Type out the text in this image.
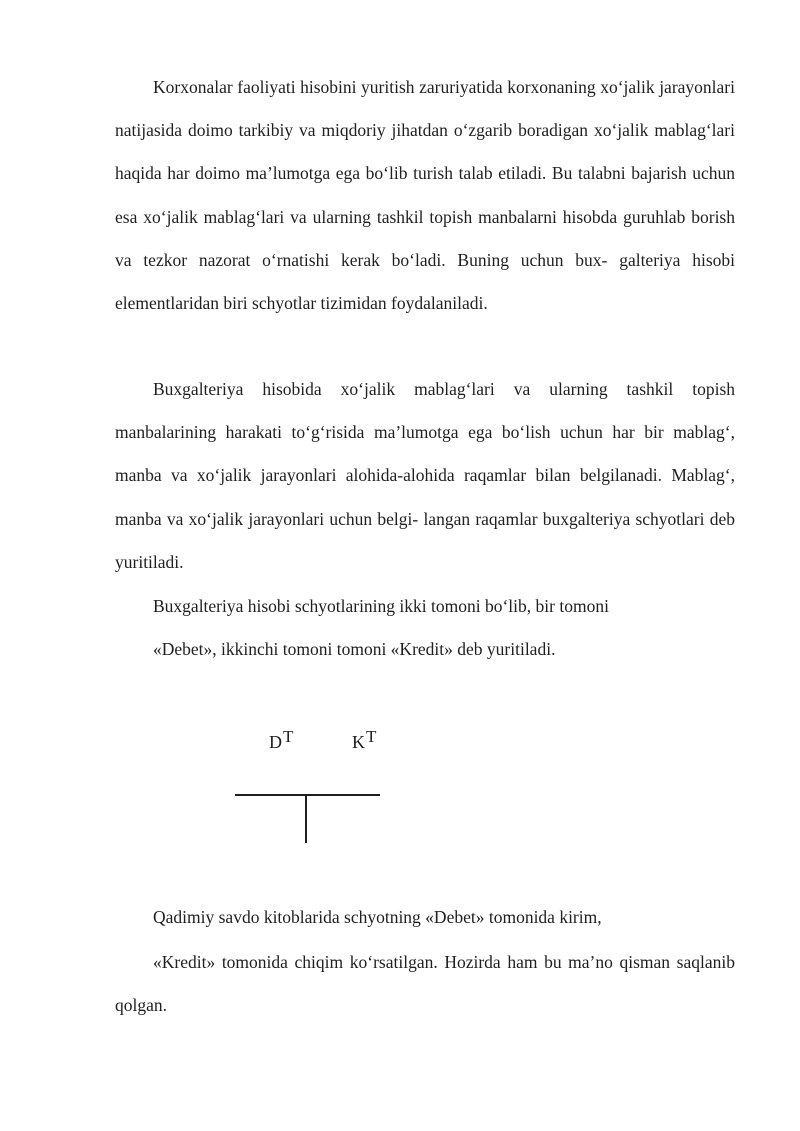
Korxonalar faoliyati hisobini yuritish zaruriyatida korxonaning xo‘jalik jarayonlari natijasida doimo tarkibiy va miqdoriy jihatdan o‘zgarib boradigan xo‘jalik mablag‘lari haqida har doimo ma’lumotga ega bo‘lib turish talab etiladi. Bu talabni bajarish uchun esa xo‘jalik mablag‘lari va ularning tashkil topish manbalarni hisobda guruhlab borish va tezkor nazorat o‘rnatishi kerak bo‘ladi. Buning uchun bux- galteriya hisobi elementlaridan biri schyotlar tizimidan foydalaniladi.

Buxgalteriya hisobida xo‘jalik mablag‘lari va ularning tashkil topish manbalarining harakati to‘g‘risida ma’lumotga ega bo‘lish uchun har bir mablag‘, manba va xo‘jalik jarayonlari alohida-alohida raqamlar bilan belgilanadi. Mablag‘, manba va xo‘jalik jarayonlari uchun belgi- langan raqamlar buxgalteriya schyotlari deb yuritiladi.

Buxgalteriya hisobi schyotlarining ikki tomoni bo‘lib, bir tomoni

«Debet», ikkinchi tomoni tomoni «Kredit» deb yuritiladi.

$D^T$	$K^T$

Qadimiy savdo kitoblarida schyotning «Debet» tomonida kirim,

«Kredit» tomonida chiqim ko‘rsatilgan. Hozirda ham bu ma’no qisman saqlanib qolgan.
